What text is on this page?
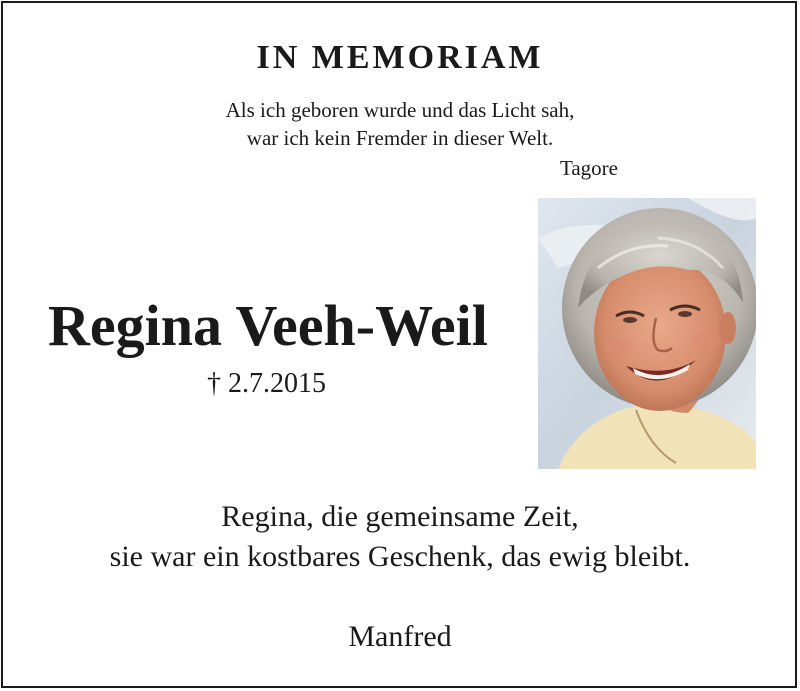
IN MEMORIAM
Als ich geboren wurde und das Licht sah,
war ich kein Fremder in dieser Welt.
Tagore
Regina Veeh-Weil
† 2.7.2015
Regina, die gemeinsame Zeit,
sie war ein kostbares Geschenk, das ewig bleibt.
Manfred
